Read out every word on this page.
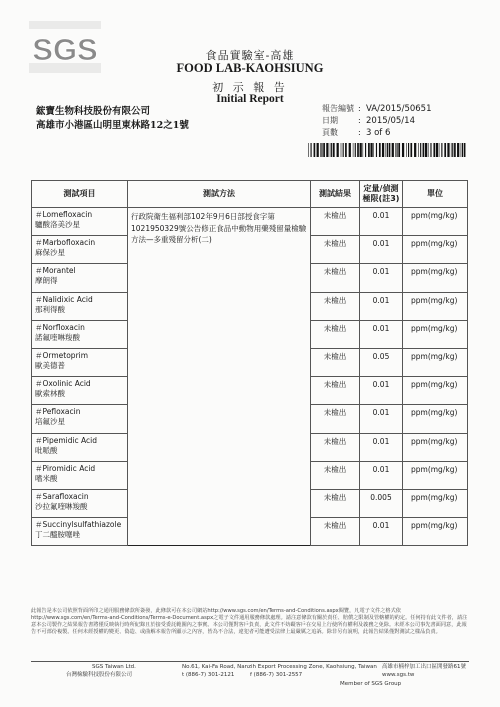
SGS	食品實驗室-高雄
FOOD LAB-KAOHSIUNG
初 示 報 告
Initial Report
鋐寶生物科技股份有限公司
高雄市小港區山明里東林路12之1號
報告編號 : VA/2015/50651
日期	: 2015/05/14
頁數	: 3 of 6
測試項目	測試方法	測試結果	定量/偵測
極限(註3)	單位

＃Lomefloxacin
驢酸洛美沙星	行政院衛生福利部102年9月6日部授食字第1021950329號公告修正食品中動物用藥殘留量檢驗方法—多重殘留分析(二)	未檢出	0.01	ppm(mg/kg)

＃Marbofloxacin
麻保沙星		未檢出	0.01	ppm(mg/kg)

＃Morantel
摩朗得		未檢出	0.01	ppm(mg/kg)

＃Nalidixic Acid
那利得酸		未檢出	0.01	ppm(mg/kg)

＃Norfloxacin
諾氟喹啉羧酸		未檢出	0.01	ppm(mg/kg)

＃Ormetoprim
歐美德普		未檢出	0.05	ppm(mg/kg)

＃Oxolinic Acid
歐索林酸		未檢出	0.01	ppm(mg/kg)

＃Pefloxacin
培氟沙星		未檢出	0.01	ppm(mg/kg)

＃Pipemidic Acid
吡哌酸		未檢出	0.01	ppm(mg/kg)

＃Piromidic Acid
嗜米酸		未檢出	0.01	ppm(mg/kg)

＃Sarafloxacin
沙拉氟喹啉羧酸		未檢出	0.005	ppm(mg/kg)

＃Succinylsulfathiazole
丁二醯胺噻唑		未檢出	0.01	ppm(mg/kg)
此報告是本公司依照背面所印之通用服務條款所簽發，此條款可在本公司網站http://www.sgs.com/en/Terms-and-Conditions.aspx閱覽，凡電子文件之格式依http://www.sgs.com/en/Terms-and-Conditions/Terms-e-Document.aspx之電子文件通用服務條款處理。請注意條款有關於責任、賠償之限制及管轄權的約定。任何持有此文件者，請注意本公司製作之結果報告書將僅反映執行時所紀錄且於接受委託範圍內之事實。本公司僅對客戶負責，此文件不妨礙客戶在交易上行使所有權利及義務之免除。未經本公司事先書面同意，此報告不可部份複製。任何未經授權的變更、偽造、或曲解本報告所顯示之內容，皆為不合法，違犯者可能遭受法律上最嚴厲之追訴。除非另有說明，此報告結果僅對測試之樣品負責。
SGS Taiwan Ltd.
台灣檢驗科技股份有限公司
No.61, Kai-Fa Road, Nanzih Export Processing Zone, Kaohsiung, Taiwan
t (886-7) 301-2121	f (886-7) 301-2557
高雄市楠梓加工出口區開發路61號
www.sgs.tw
Member of SGS Group
